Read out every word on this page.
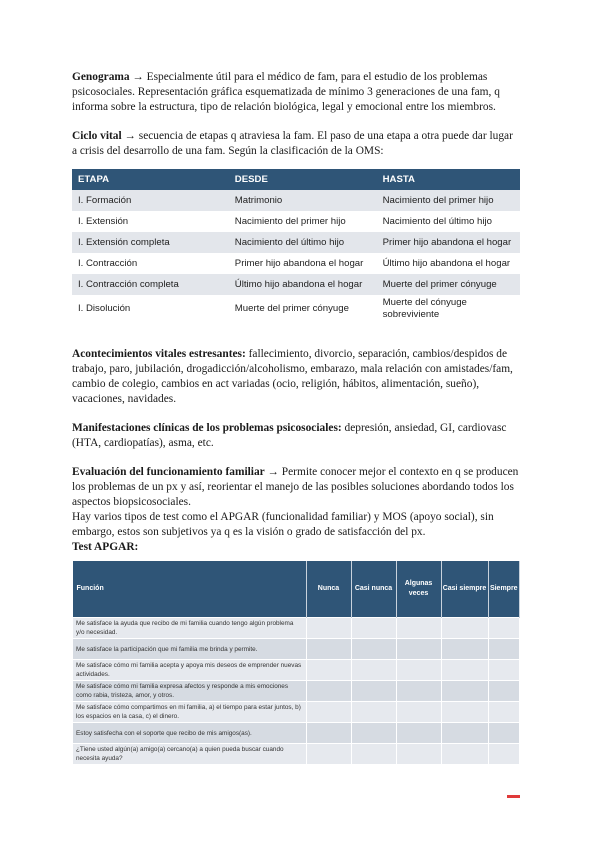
Genograma → Especialmente útil para el médico de fam, para el estudio de los problemas psicosociales. Representación gráfica esquematizada de mínimo 3 generaciones de una fam, q informa sobre la estructura, tipo de relación biológica, legal y emocional entre los miembros.

Ciclo vital → secuencia de etapas q atraviesa la fam. El paso de una etapa a otra puede dar lugar a crisis del desarrollo de una fam. Según la clasificación de la OMS:

ETAPA	DESDE	HASTA
I. Formación	Matrimonio	Nacimiento del primer hijo
I. Extensión	Nacimiento del primer hijo	Nacimiento del último hijo
I. Extensión completa	Nacimiento del último hijo	Primer hijo abandona el hogar
I. Contracción	Primer hijo abandona el hogar	Último hijo abandona el hogar
I. Contracción completa	Último hijo abandona el hogar	Muerte del primer cónyuge
I. Disolución	Muerte del primer cónyuge	Muerte del cónyuge sobreviviente

Acontecimientos vitales estresantes: fallecimiento, divorcio, separación, cambios/despidos de trabajo, paro, jubilación, drogadicción/alcoholismo, embarazo, mala relación con amistades/fam, cambio de colegio, cambios en act variadas (ocio, religión, hábitos, alimentación, sueño), vacaciones, navidades.

Manifestaciones clínicas de los problemas psicosociales: depresión, ansiedad, GI, cardiovasc (HTA, cardiopatías), asma, etc.

Evaluación del funcionamiento familiar → Permite conocer mejor el contexto en q se producen los problemas de un px y así, reorientar el manejo de las posibles soluciones abordando todos los aspectos biopsicosociales.

Hay varios tipos de test como el APGAR (funcionalidad familiar) y MOS (apoyo social), sin embargo, estos son subjetivos ya q es la visión o grado de satisfacción del px.

Test APGAR:

Función	Nunca	Casi nunca	Algunas veces	Casi siempre	Siempre
Me satisface la ayuda que recibo de mi familia cuando tengo algún problema y/o necesidad.					
Me satisface la participación que mi familia me brinda y permite.					
Me satisface cómo mi familia acepta y apoya mis deseos de emprender nuevas actividades.					
Me satisface cómo mi familia expresa afectos y responde a mis emociones como rabia, tristeza, amor, y otros.					
Me satisface cómo compartimos en mi familia, a) el tiempo para estar juntos, b) los espacios en la casa, c) el dinero.					
Estoy satisfecha con el soporte que recibo de mis amigos(as).					
¿Tiene usted algún(a) amigo(a) cercano(a) a quien pueda buscar cuando necesita ayuda?					
